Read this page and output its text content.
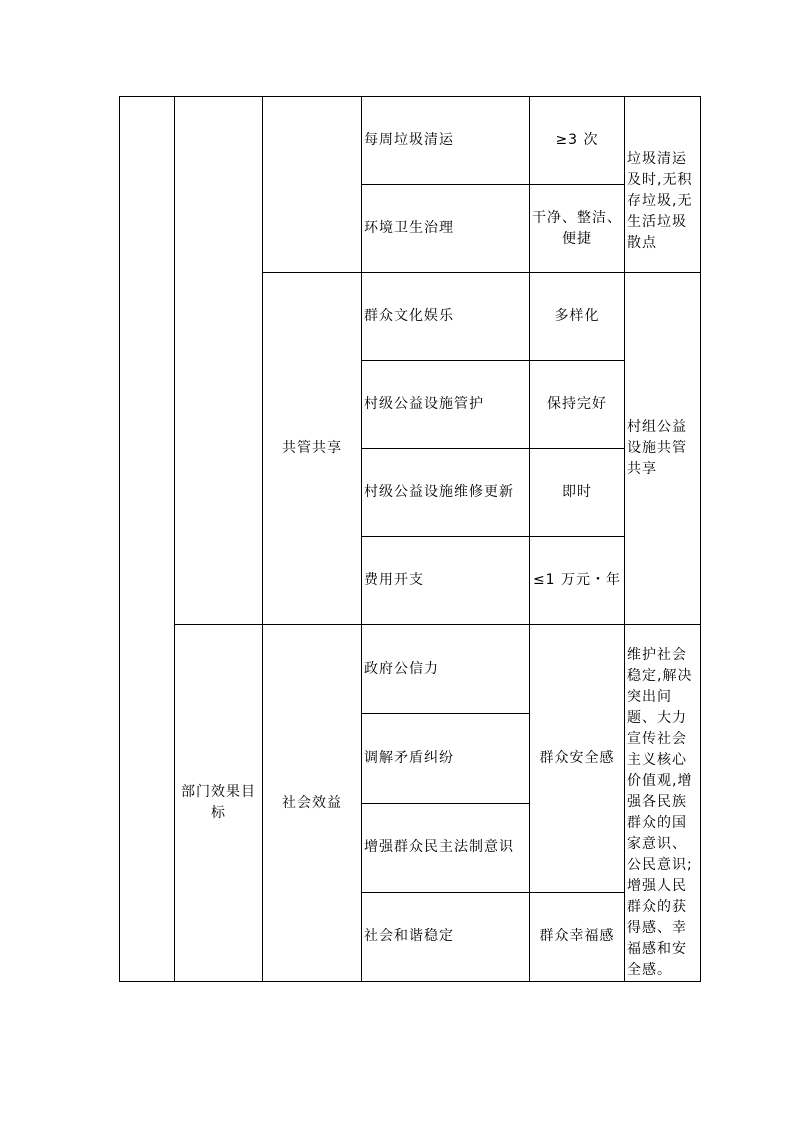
			每周垃圾清运	≥3 次	垃圾清运及时,无积存垃圾,无生活垃圾散点

			环境卫生治理	干净、整洁、便捷	
		共管共享	群众文化娱乐	多样化	村组公益设施共管共享
			村级公益设施管护	保持完好	
			村级公益设施维修更新	即时	
			费用开支	≤1 万元・年	
	部门效果目标	社会效益	政府公信力	群众安全感	维护社会稳定,解决突出问题、大力宣传社会主义核心价值观,增强各民族群众的国家意识、公民意识;增强人民群众的获得感、幸福感和安全感。

			调解矛盾纠纷		
			增强群众民主法制意识		
			社会和谐稳定	群众幸福感	
